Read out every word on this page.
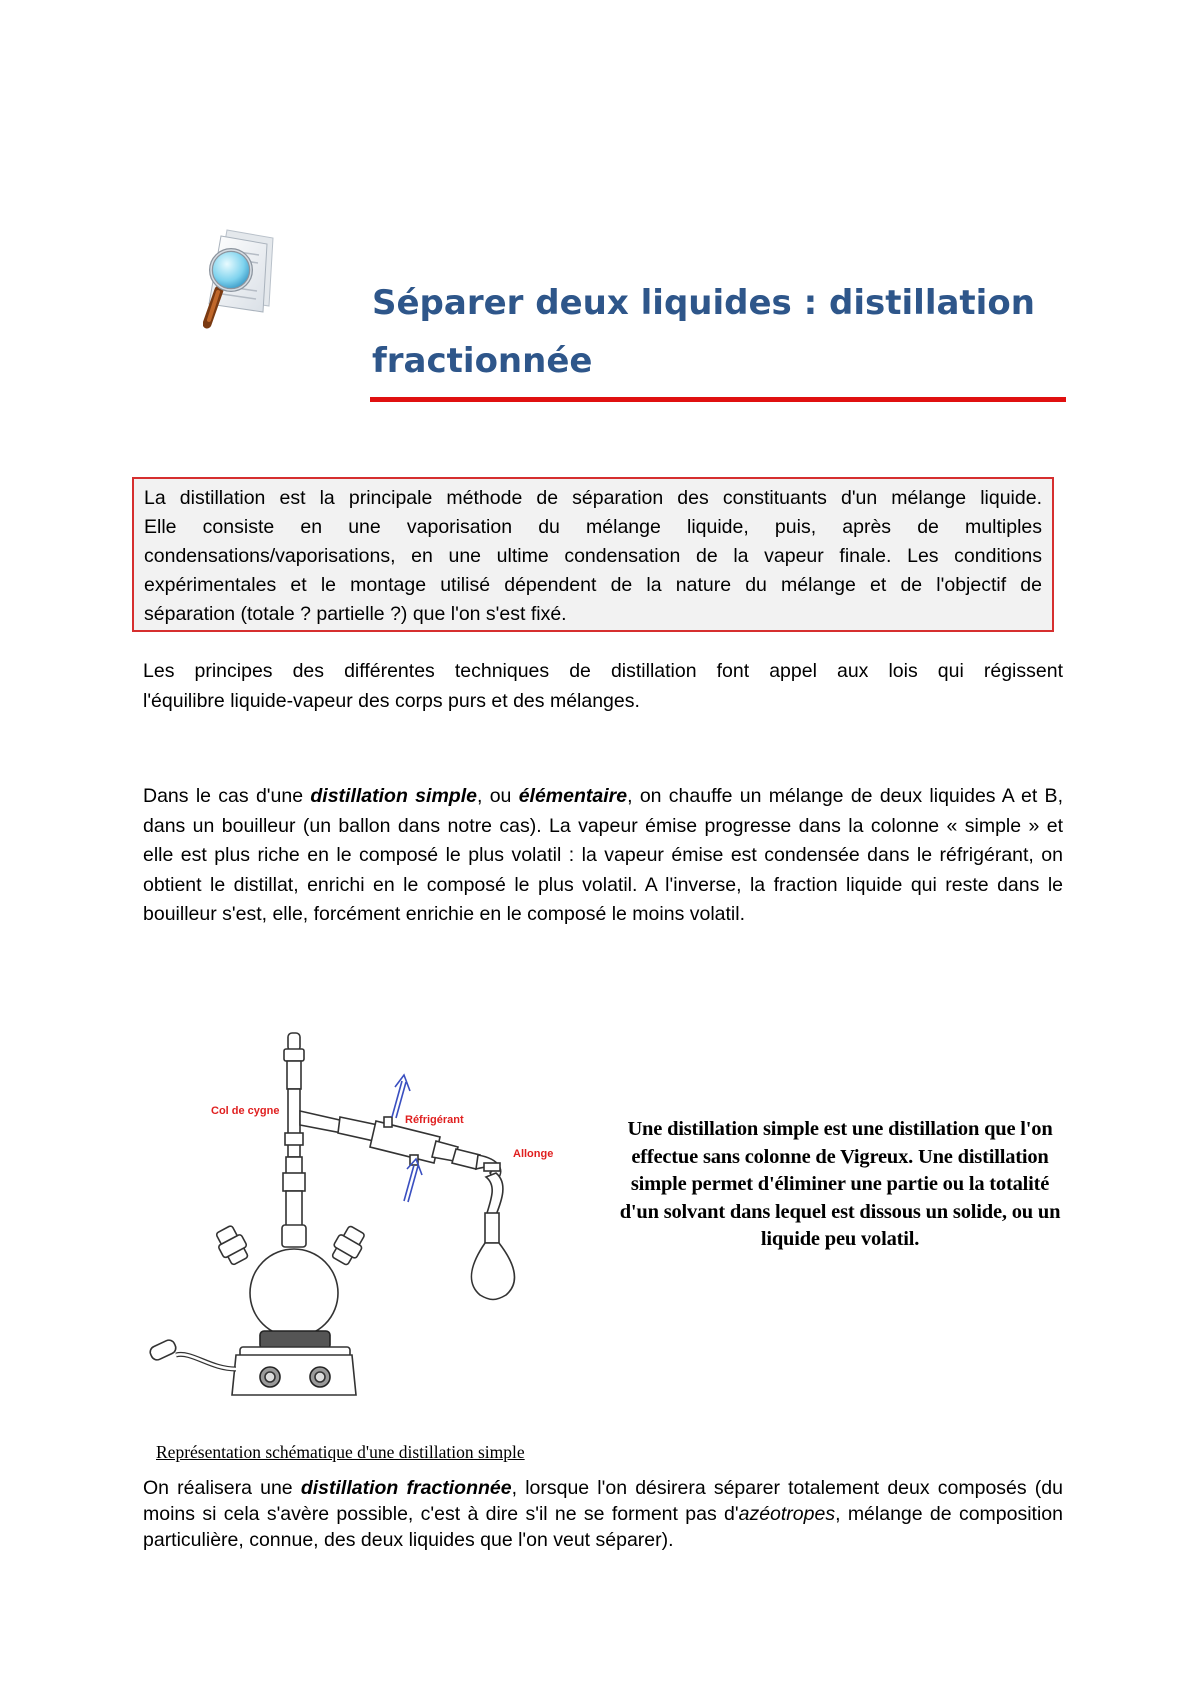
Séparer deux liquides : distillation
fractionnée
La distillation est la principale méthode de séparation des constituants d'un mélange liquide.
Elle consiste en une vaporisation du mélange liquide, puis, après de multiples
condensations/vaporisations, en une ultime condensation de la vapeur finale. Les conditions
expérimentales et le montage utilisé dépendent de la nature du mélange et de l'objectif de
séparation (totale ? partielle ?) que l'on s'est fixé.
Les principes des différentes techniques de distillation font appel aux lois qui régissent
l'équilibre liquide-vapeur des corps purs et des mélanges.
Dans le cas d'une distillation simple, ou élémentaire, on chauffe un mélange de deux liquides A et B, dans un bouilleur (un ballon dans notre cas). La vapeur émise progresse dans la colonne « simple » et elle est plus riche en le composé le plus volatil : la vapeur émise est condensée dans le réfrigérant, on obtient le distillat, enrichi en le composé le plus volatil. A l'inverse, la fraction liquide qui reste dans le bouilleur s'est, elle, forcément enrichie en le composé le moins volatil.
Col de cygne
Réfrigérant
Allonge
Une distillation simple est une distillation que l'on effectue sans colonne de Vigreux. Une distillation simple permet d'éliminer une partie ou la totalité d'un solvant dans lequel est dissous un solide, ou un liquide peu volatil.
Représentation schématique d'une distillation simple
On réalisera une distillation fractionnée, lorsque l'on désirera séparer totalement deux composés (du moins si cela s'avère possible, c'est à dire s'il ne se forment pas d'azéotropes, mélange de composition particulière, connue, des deux liquides que l'on veut séparer).
